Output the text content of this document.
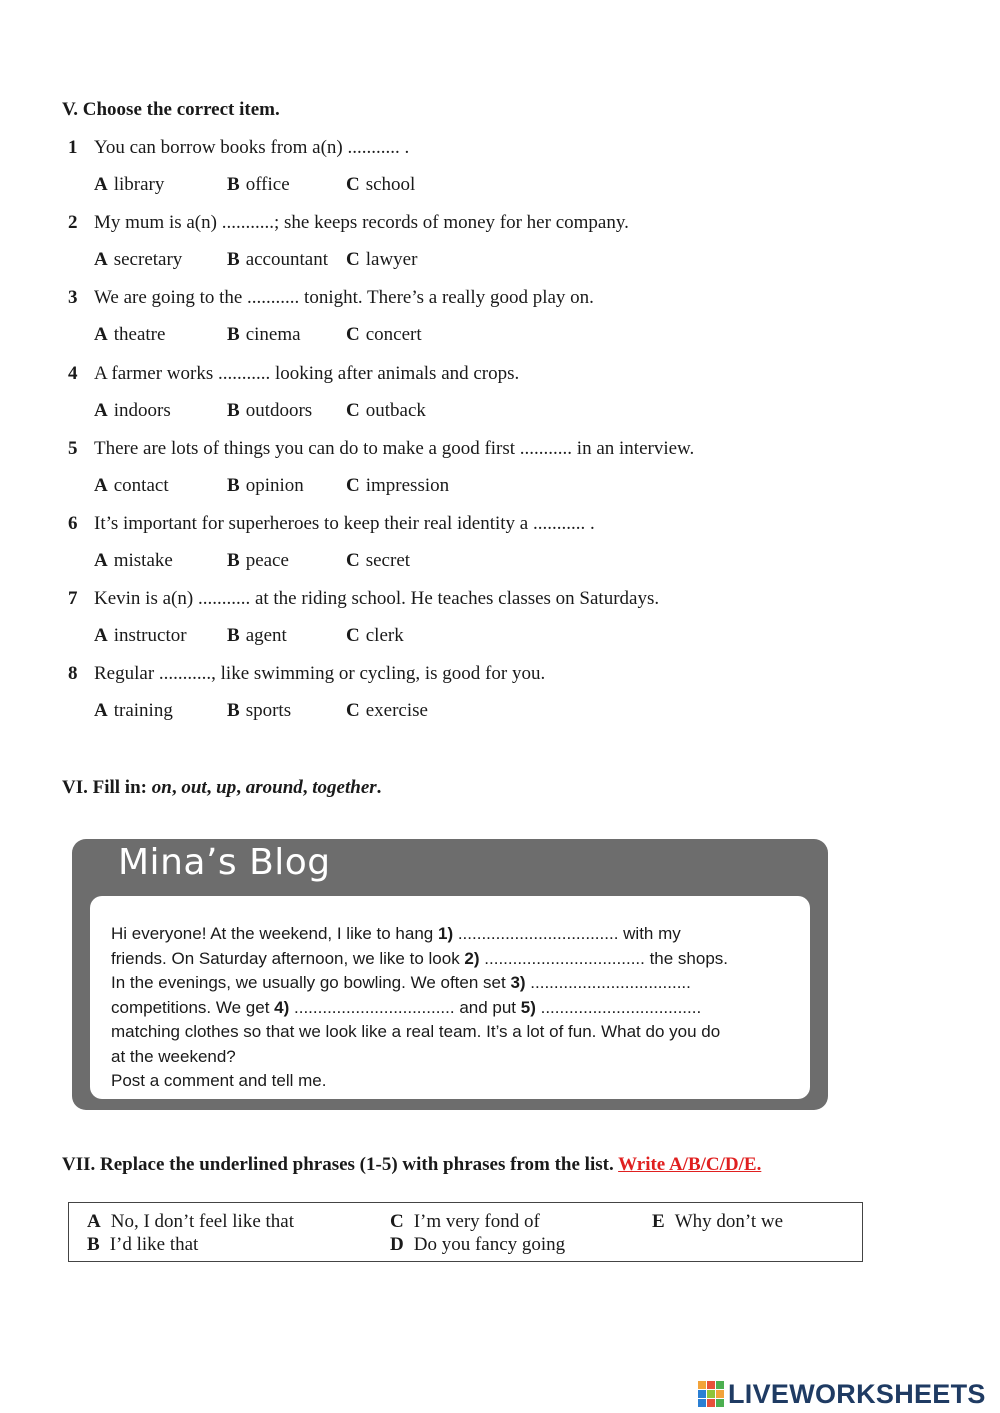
V. Choose the correct item.
1 You can borrow books from a(n) ........... .
A library	B office	C school
2 My mum is a(n) ...........; she keeps records of money for her company.
A secretary B accountant C lawyer
3 We are going to the ........... tonight. There’s a really good play on.
A theatre	B cinema C concert
4 A farmer works ........... looking after animals and crops.
A indoors	B outdoors C outback
5 There are lots of things you can do to make a good first ........... in an interview.
A contact	B opinion C impression
6 It’s important for superheroes to keep their real identity a ........... .
A mistake	B peace	C secret
7 Kevin is a(n) ........... at the riding school. He teaches classes on Saturdays.
A instructor B agent	C clerk
8 Regular ..........., like swimming or cycling, is good for you.
A training	B sports	C exercise
VI. Fill in: on, out, up, around, together.
Mina’s Blog

Hi everyone! At the weekend, I like to hang 1) .................................. with my

friends. On Saturday afternoon, we like to look 2) .................................. the shops.

In the evenings, we usually go bowling. We often set 3) ..................................

competitions. We get 4) .................................. and put 5) ..................................

matching clothes so that we look like a real team. It’s a lot of fun. What do you do

at the weekend?

Post a comment and tell me.

VII. Replace the underlined phrases (1-5) with phrases from the list. Write A/B/C/D/E.
A No, I don’t feel like that
B I’d like that
C I’m very fond of
D Do you fancy going
E Why don’t we
LIVEWORKSHEETS
